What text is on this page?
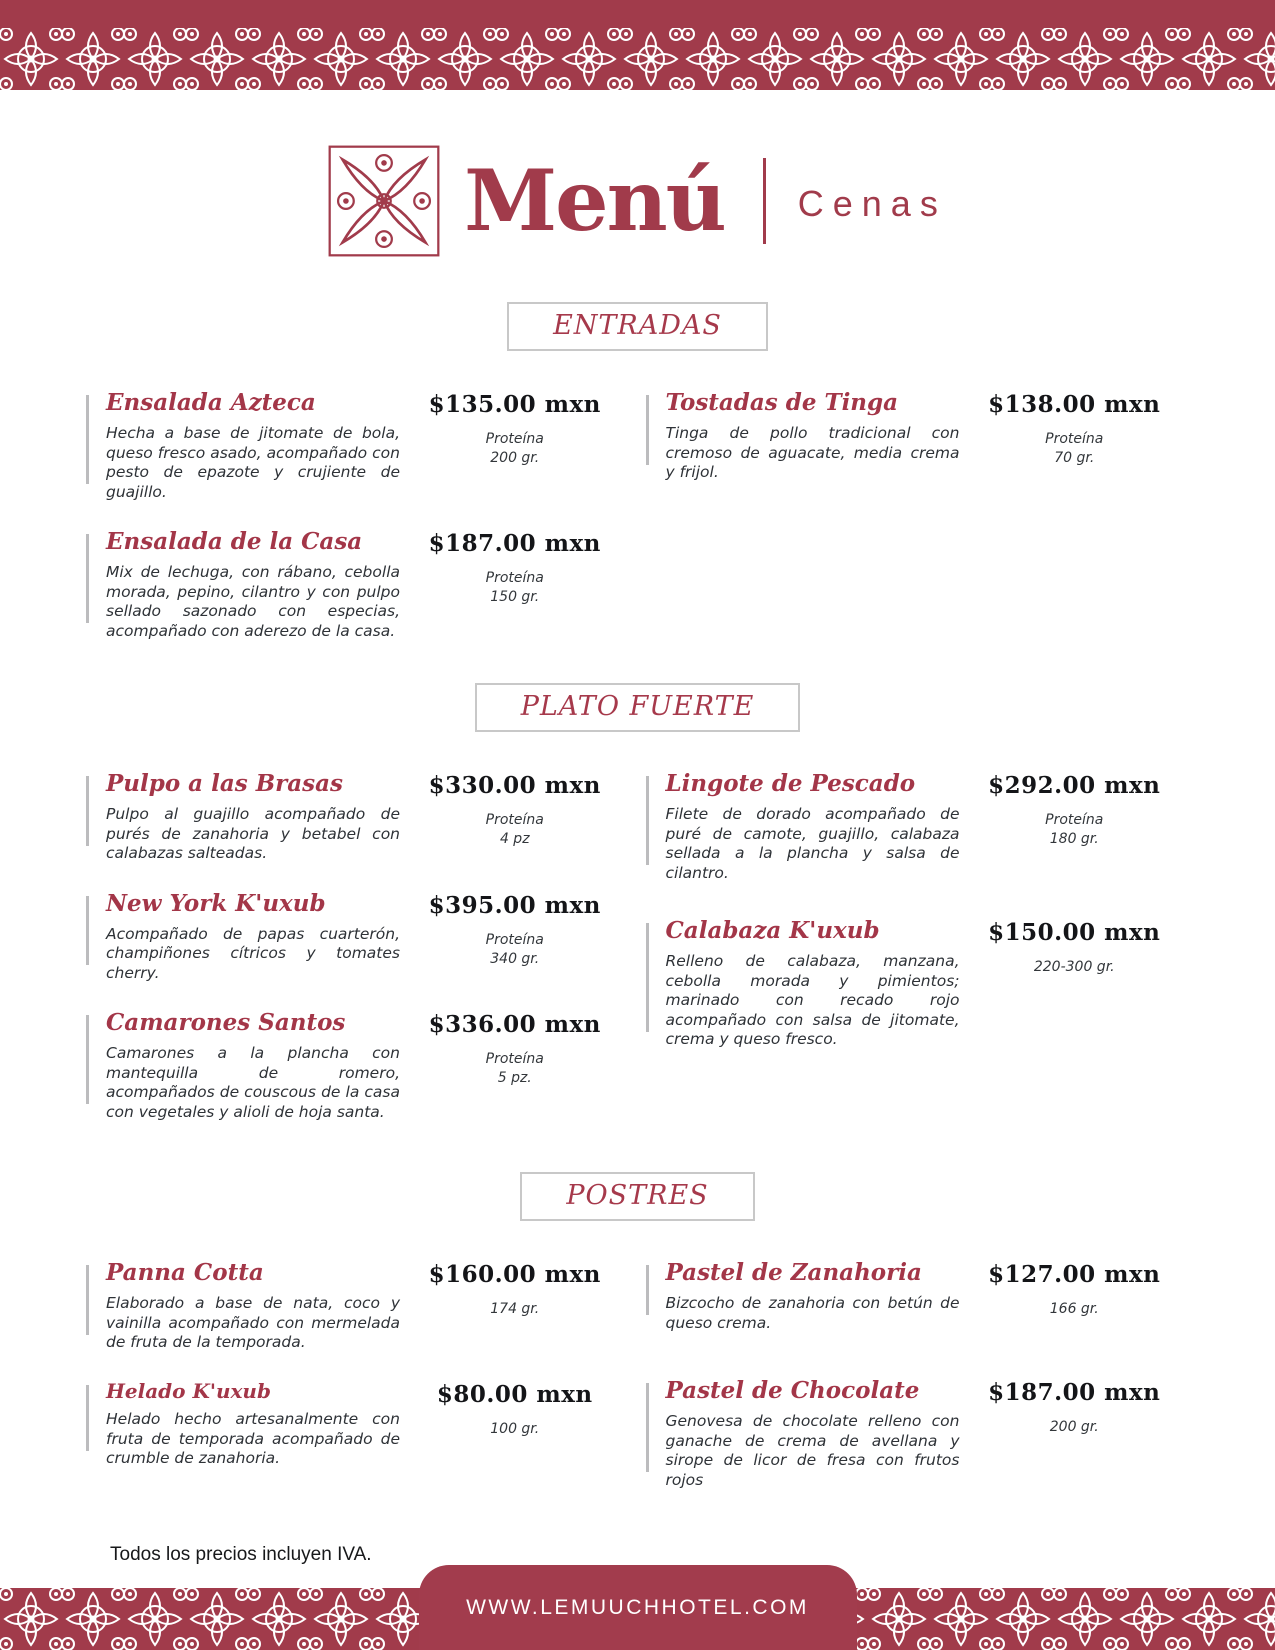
Menú Cenas
ENTRADAS
Ensalada Azteca

Hecha a base de jitomate de bola, queso fresco asado, acompañado con pesto de epazote y crujiente de guajillo.

$135.00 mxn
Proteína
200 gr.
Ensalada de la Casa

Mix de lechuga, con rábano, cebolla morada, pepino, cilantro y con pulpo sellado sazonado con especias, acompañado con aderezo de la casa.

$187.00 mxn
Proteína
150 gr.
Tostadas de Tinga

Tinga de pollo tradicional con cremoso de aguacate, media crema y frijol.

$138.00 mxn
Proteína
70 gr.
PLATO FUERTE
Pulpo a las Brasas

Pulpo al guajillo acompañado de purés de zanahoria y betabel con calabazas salteadas.

$330.00 mxn
Proteína
4 pz
New York K'uxub

Acompañado de papas cuarterón, champiñones cítricos y tomates cherry.

$395.00 mxn
Proteína
340 gr.
Camarones Santos

Camarones a la plancha con mantequilla de romero, acompañados de couscous de la casa con vegetales y alioli de hoja santa.

$336.00 mxn
Proteína
5 pz.
Lingote de Pescado

Filete de dorado acompañado de puré de camote, guajillo, calabaza sellada a la plancha y salsa de cilantro.

$292.00 mxn
Proteína
180 gr.
Calabaza K'uxub

Relleno de calabaza, manzana, cebolla morada y pimientos; marinado con recado rojo acompañado con salsa de jitomate, crema y queso fresco.

$150.00 mxn
220-300 gr.
POSTRES
Panna Cotta

Elaborado a base de nata, coco y vainilla acompañado con mermelada de fruta de la temporada.

$160.00 mxn
174 gr.
Helado K'uxub

Helado hecho artesanalmente con fruta de temporada acompañado de crumble de zanahoria.

$80.00 mxn
100 gr.
Pastel de Zanahoria

Bizcocho de zanahoria con betún de queso crema.

$127.00 mxn
166 gr.
Pastel de Chocolate

Genovesa de chocolate relleno con ganache de crema de avellana y sirope de licor de fresa con frutos rojos

$187.00 mxn
200 gr.
Todos los precios incluyen IVA.
WWW.LEMUUCHHOTEL.COM
